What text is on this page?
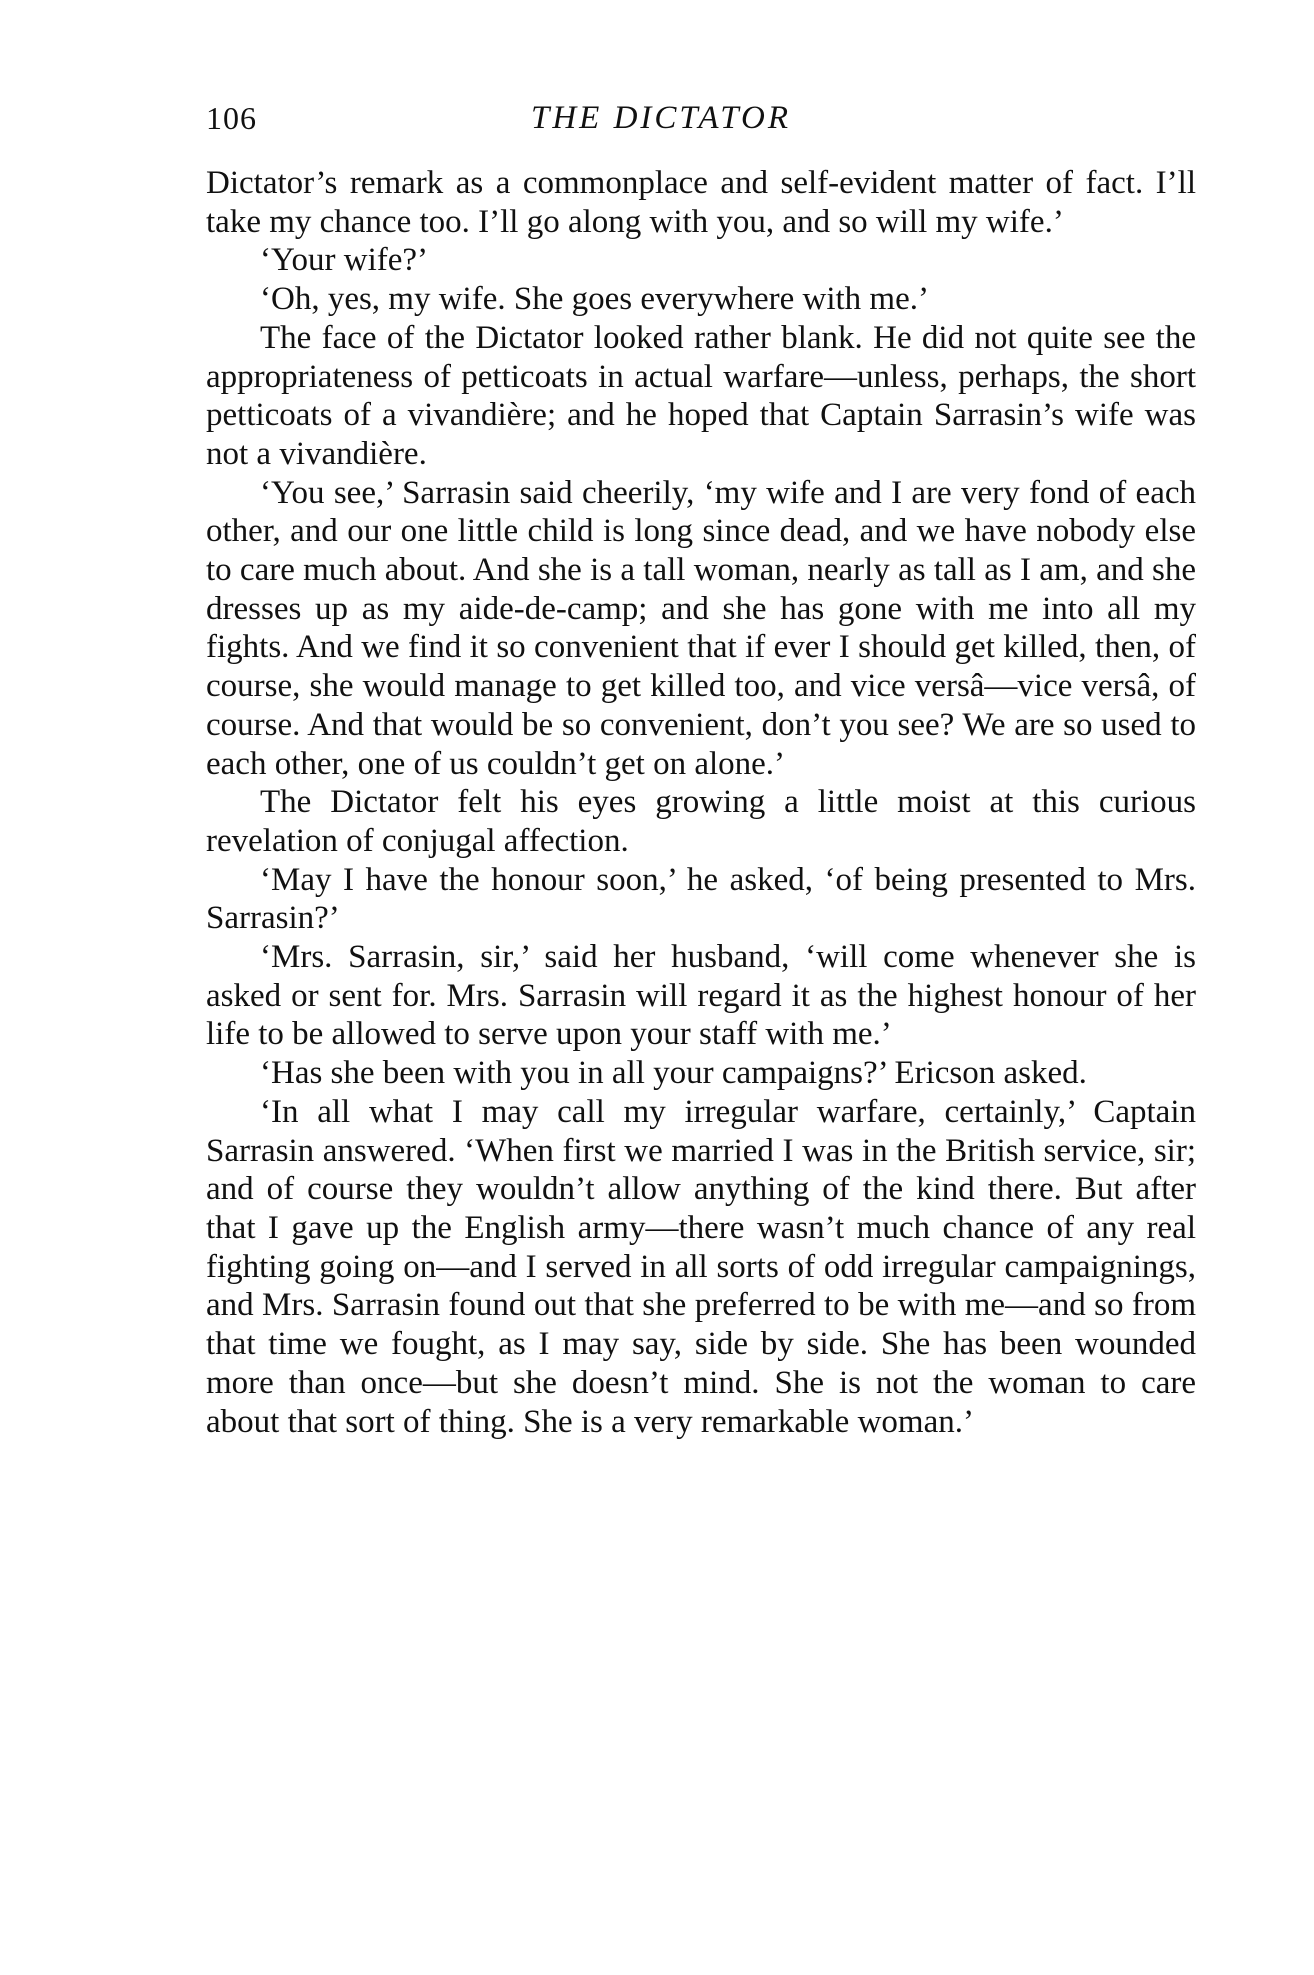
106	THE DICTATOR

Dictator’s remark as a commonplace and self-evident matter of fact. I’ll take my chance too. I’ll go along with you, and so will my wife.’

‘Your wife?’

‘Oh, yes, my wife. She goes everywhere with me.’

The face of the Dictator looked rather blank. He did not quite see the appropriateness of petticoats in actual warfare—unless, perhaps, the short petticoats of a vivandière; and he hoped that Captain Sarrasin’s wife was not a vivandière.

‘You see,’ Sarrasin said cheerily, ‘my wife and I are very fond of each other, and our one little child is long since dead, and we have nobody else to care much about. And she is a tall woman, nearly as tall as I am, and she dresses up as my aide-de-camp; and she has gone with me into all my fights. And we find it so convenient that if ever I should get killed, then, of course, she would manage to get killed too, and vice versâ—vice versâ, of course. And that would be so convenient, don’t you see? We are so used to each other, one of us couldn’t get on alone.’

The Dictator felt his eyes growing a little moist at this curious revelation of conjugal affection.

‘May I have the honour soon,’ he asked, ‘of being presented to Mrs. Sarrasin?’

‘Mrs. Sarrasin, sir,’ said her husband, ‘will come whenever she is asked or sent for. Mrs. Sarrasin will regard it as the highest honour of her life to be allowed to serve upon your staff with me.’

‘Has she been with you in all your campaigns?’ Ericson asked.

‘In all what I may call my irregular warfare, certainly,’ Captain Sarrasin answered. ‘When first we married I was in the British service, sir; and of course they wouldn’t allow anything of the kind there. But after that I gave up the English army—there wasn’t much chance of any real fighting going on—and I served in all sorts of odd irregular campaignings, and Mrs. Sarrasin found out that she preferred to be with me—and so from that time we fought, as I may say, side by side. She has been wounded more than once—but she doesn’t mind. She is not the woman to care about that sort of thing. She is a very remarkable woman.’
